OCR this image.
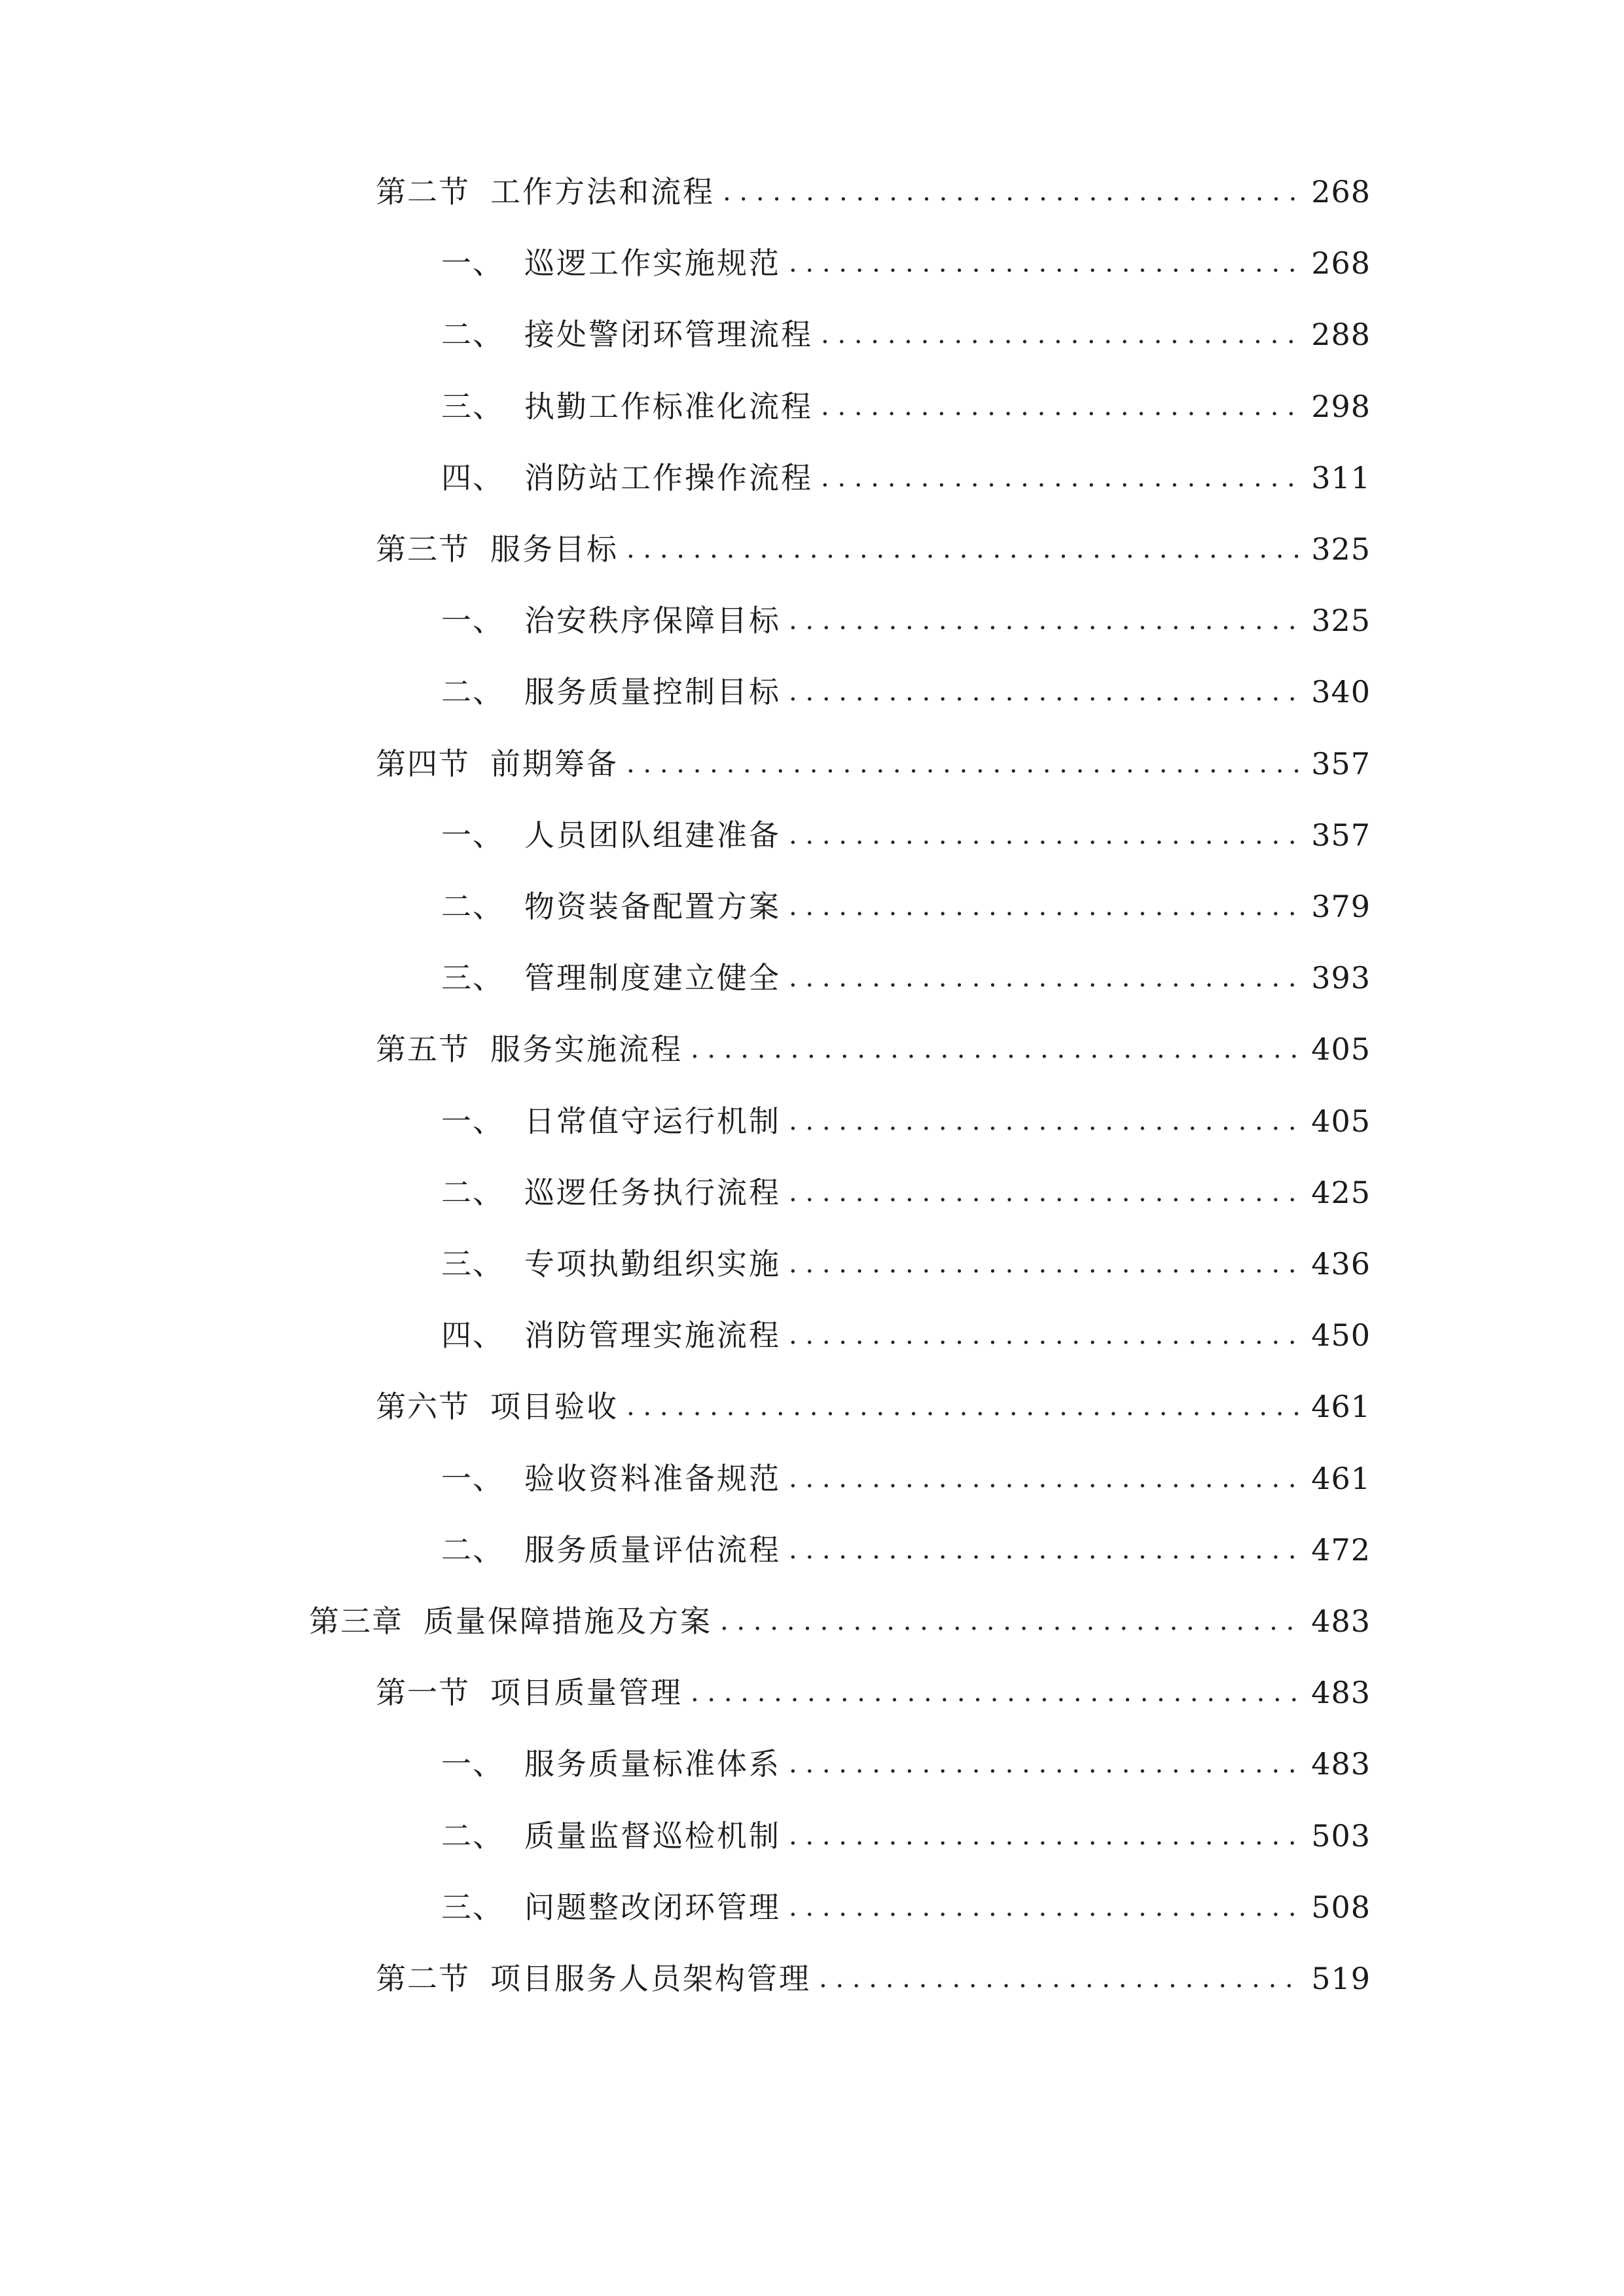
第二节 工作方法和流程 . . .	268
一、 巡逻工作实施规范 . . .	268
二、 接处警闭环管理流程 . . .	288
三、 执勤工作标准化流程 . . .	298
四、 消防站工作操作流程 . . .	311
第三节 服务目标 . . .	325
一、 治安秩序保障目标 . . .	325
二、 服务质量控制目标 . . .	340
第四节 前期筹备 . . .	357
一、 人员团队组建准备 . . .	357
二、 物资装备配置方案 . . .	379
三、 管理制度建立健全 . . .	393
第五节 服务实施流程 . . .	405
一、 日常值守运行机制 . . .	405
二、 巡逻任务执行流程 . . .	425
三、 专项执勤组织实施 . . .	436
四、 消防管理实施流程 . . .	450
第六节 项目验收 . . .	461
一、 验收资料准备规范 . . .	461
二、 服务质量评估流程 . . .	472
第三章 质量保障措施及方案 . . .	483
第一节 项目质量管理 . . .	483
一、 服务质量标准体系 . . .	483
二、 质量监督巡检机制 . . .	503
三、 问题整改闭环管理 . . .	508
第二节 项目服务人员架构管理 . . .	519
